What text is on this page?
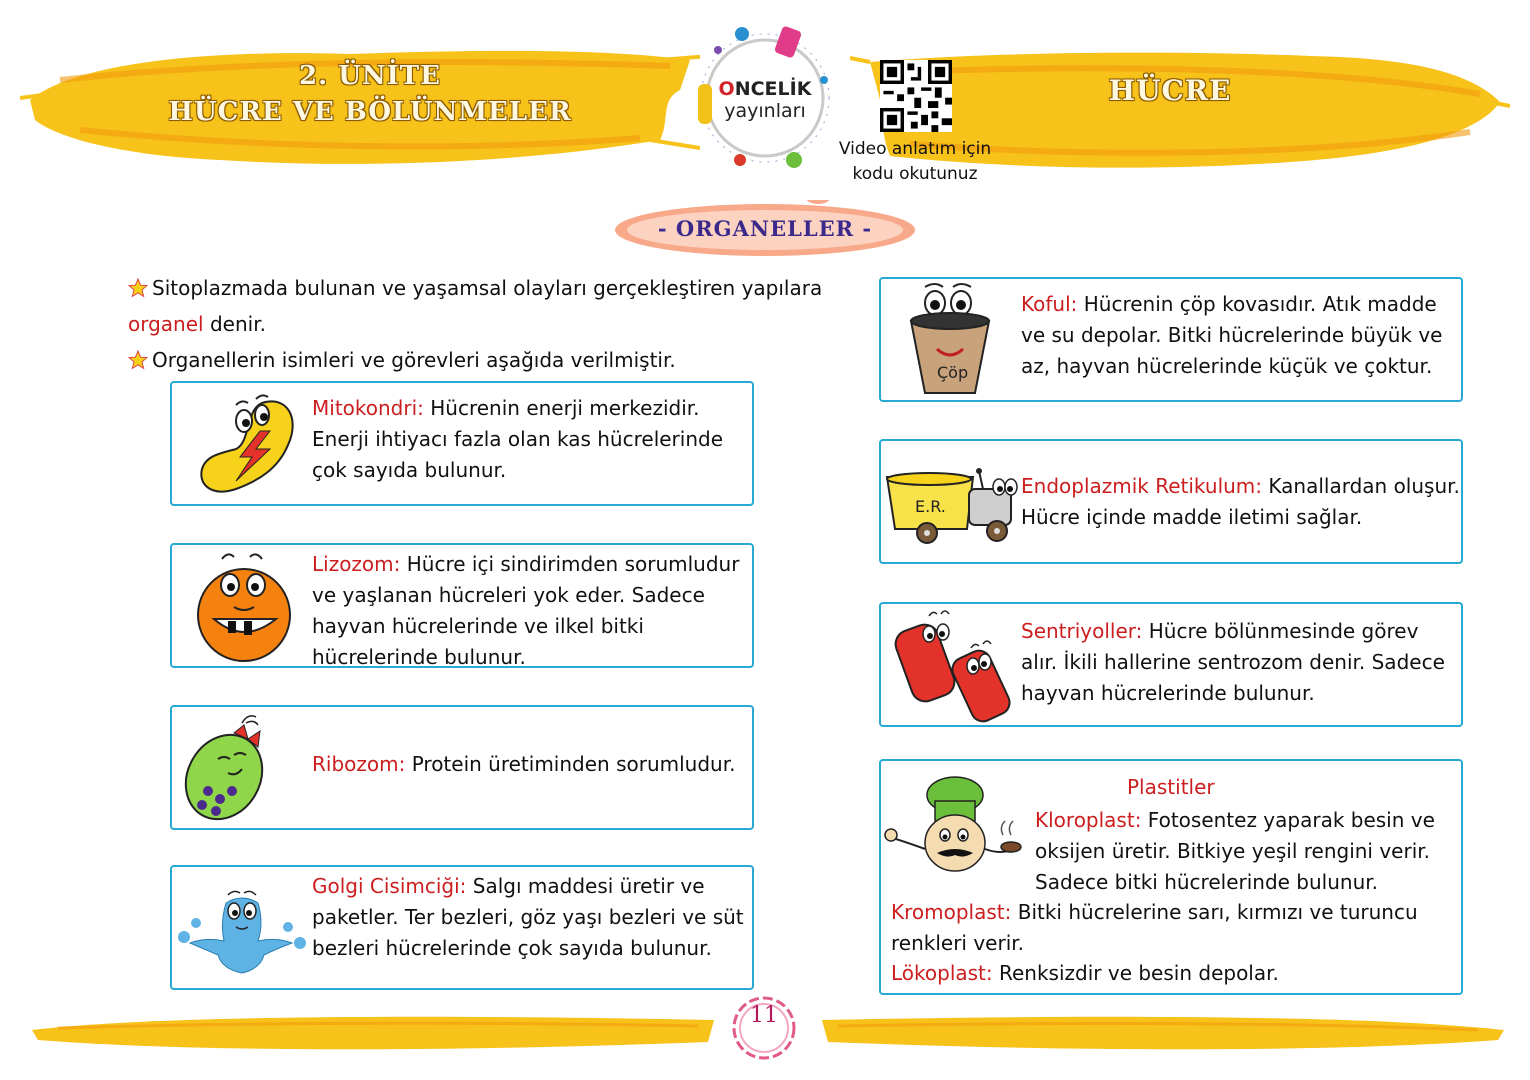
2. ÜNİTE
HÜCRE VE BÖLÜNMELER
HÜCRE
ONCELİK
yayınları
Video anlatım için
kodu okutunuz
- ORGANELLER -
Sitoplazmada bulunan ve yaşamsal olayları gerçekleştiren yapılara
organel denir.
Organellerin isimleri ve görevleri aşağıda verilmiştir.
Mitokondri: Hücrenin enerji merkezidir. Enerji ihtiyacı fazla olan kas hücrelerinde çok sayıda bulunur.
Lizozom: Hücre içi sindirimden sorumludur ve yaşlanan hücreleri yok eder. Sadece hayvan hücrelerinde ve ilkel bitki hücrelerinde bulunur.
Ribozom: Protein üretiminden sorumludur.
Golgi Cisimciği: Salgı maddesi üretir ve paketler. Ter bezleri, göz yaşı bezleri ve süt bezleri hücrelerinde çok sayıda bulunur.
Çöp
Koful: Hücrenin çöp kovasıdır. Atık madde ve su depolar. Bitki hücrelerinde büyük ve az, hayvan hücrelerinde küçük ve çoktur.
E.R.
Endoplazmik Retikulum: Kanallardan oluşur. Hücre içinde madde iletimi sağlar.
Sentriyoller: Hücre bölünmesinde görev alır. İkili hallerine sentrozom denir. Sadece hayvan hücrelerinde bulunur.
Plastitler
Kloroplast: Fotosentez yaparak besin ve oksijen üretir. Bitkiye yeşil rengini verir. Sadece bitki hücrelerinde bulunur.
Kromoplast: Bitki hücrelerine sarı, kırmızı ve turuncu renkleri verir.
Lökoplast: Renksizdir ve besin depolar.
11
